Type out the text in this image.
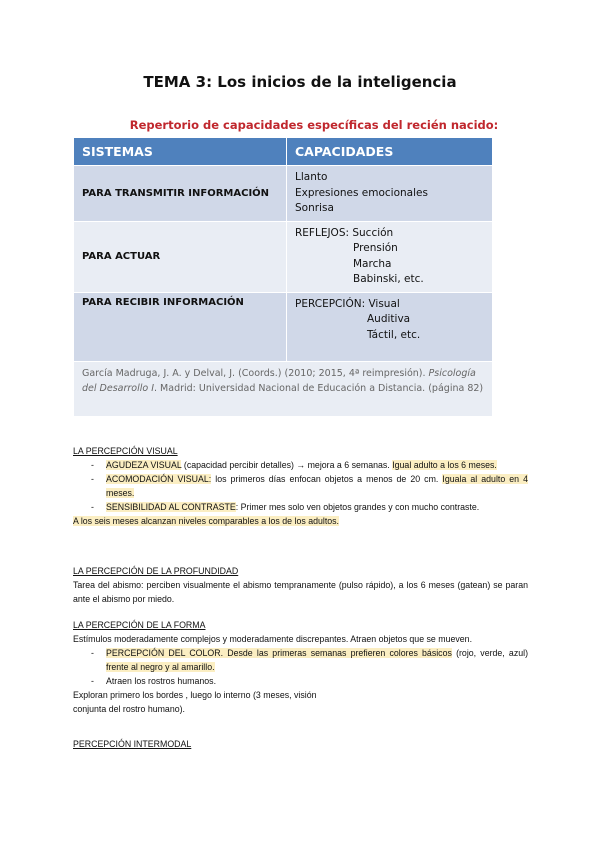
TEMA 3: Los inicios de la inteligencia
Repertorio de capacidades específicas del recién nacido:
SISTEMAS	CAPACIDADES
PARA TRANSMITIR INFORMACIÓN	Llanto
Expresiones emocionales
Sonrisa

PARA ACTUAR	REFLEJOS: Succión
Prensión
Marcha
Babinski, etc.

PARA RECIBIR INFORMACIÓN	PERCEPCIÓN: Visual
Auditiva
Táctil, etc.

García Madruga, J. A. y Delval, J. (Coords.) (2010; 2015, 4ª reimpresión). Psicología del Desarrollo I. Madrid: Universidad Nacional de Educación a Distancia. (página 82)	
LA PERCEPCIÓN VISUAL
- AGUDEZA VISUAL (capacidad percibir detalles) → mejora a 6 semanas. Igual adulto a los 6 meses.
- ACOMODACIÓN VISUAL: los primeros días enfocan objetos a menos de 20 cm. Iguala al adulto en 4 meses.
- SENSIBILIDAD AL CONTRASTE: Primer mes solo ven objetos grandes y con mucho contraste.
A los seis meses alcanzan niveles comparables a los de los adultos.
LA PERCEPCIÓN DE LA PROFUNDIDAD
Tarea del abismo: perciben visualmente el abismo tempranamente (pulso rápido), a los 6 meses (gatean) se paran ante el abismo por miedo.
LA PERCEPCIÓN DE LA FORMA
Estímulos moderadamente complejos y moderadamente discrepantes. Atraen objetos que se mueven.
- PERCEPCIÓN DEL COLOR. Desde las primeras semanas prefieren colores básicos (rojo, verde, azul) frente al negro y al amarillo.
- Atraen los rostros humanos.
Exploran primero los bordes , luego lo interno (3 meses, visión
conjunta del rostro humano).
PERCEPCIÓN INTERMODAL
